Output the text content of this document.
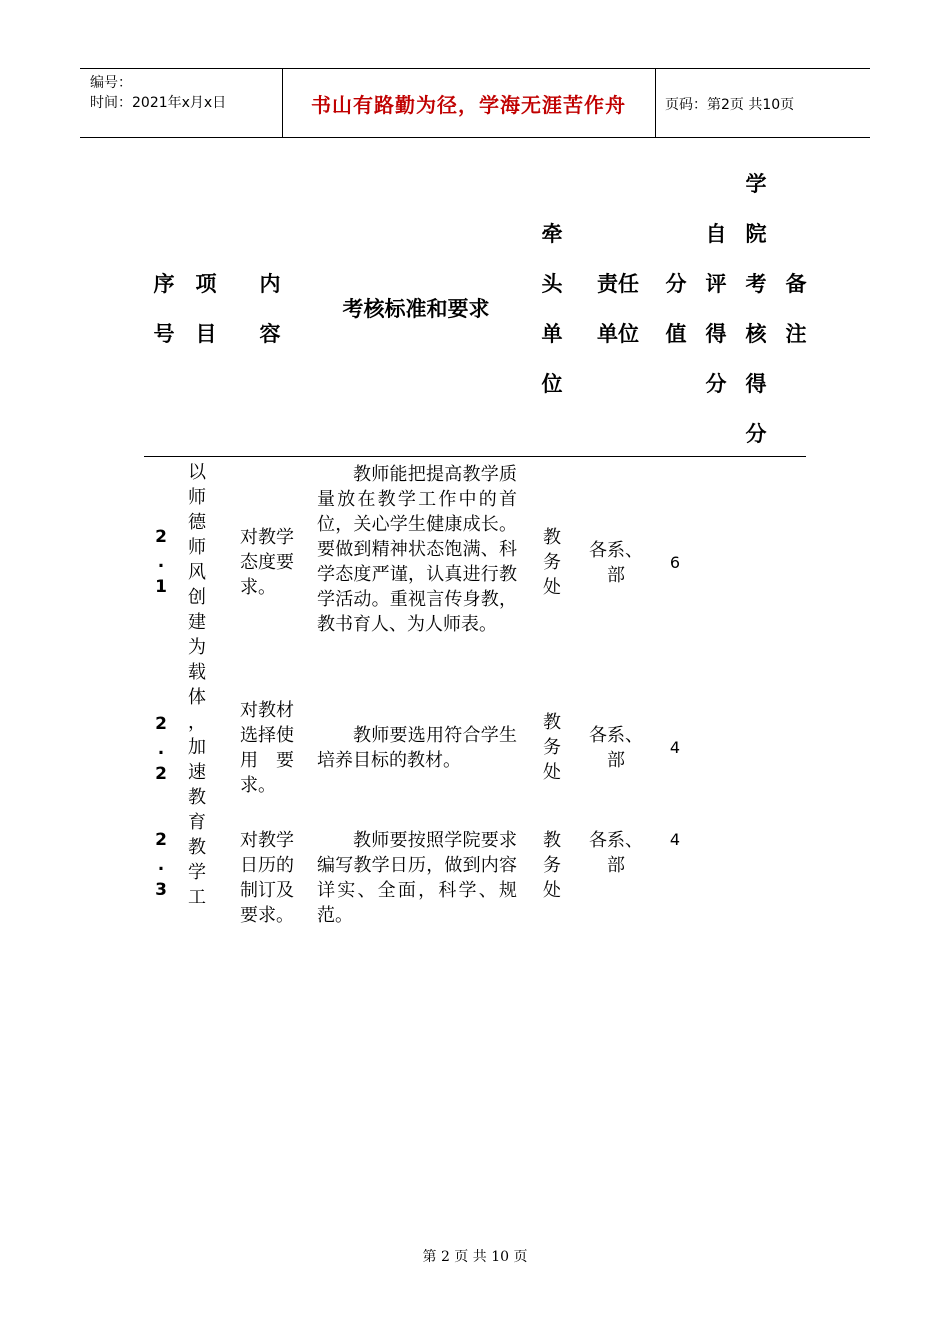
编号：
时间：2021年x月x日	书山有路勤为径，学海无涯苦作舟	页码：第2页 共10页
序
号
项
目
内
容
考核标准和要求
牵
头
单
位
责任
单位
分
值
自
评
得
分
学
院
考
核
得
分
备
注
以
师
德
师
风
创
建
为
载
体
，
加
速
教
育
教
学
工
2
.
1
对教学态度要求。
教师能把提高教学质量放在教学工作中的首位，关心学生健康成长。要做到精神状态饱满、科学态度严谨，认真进行教学活动。重视言传身教，教书育人、为人师表。
教
务
处
各系、部
6
2
.
2
对教材选择使用　要求。
教师要选用符合学生培养目标的教材。
教
务
处
各系、部
4
2
.
3
对教学日历的制订及要求。
教师要按照学院要求编写教学日历，做到内容详实、全面，科学、规范。
教
务
处
各系、部
4
第 2 页 共 10 页
